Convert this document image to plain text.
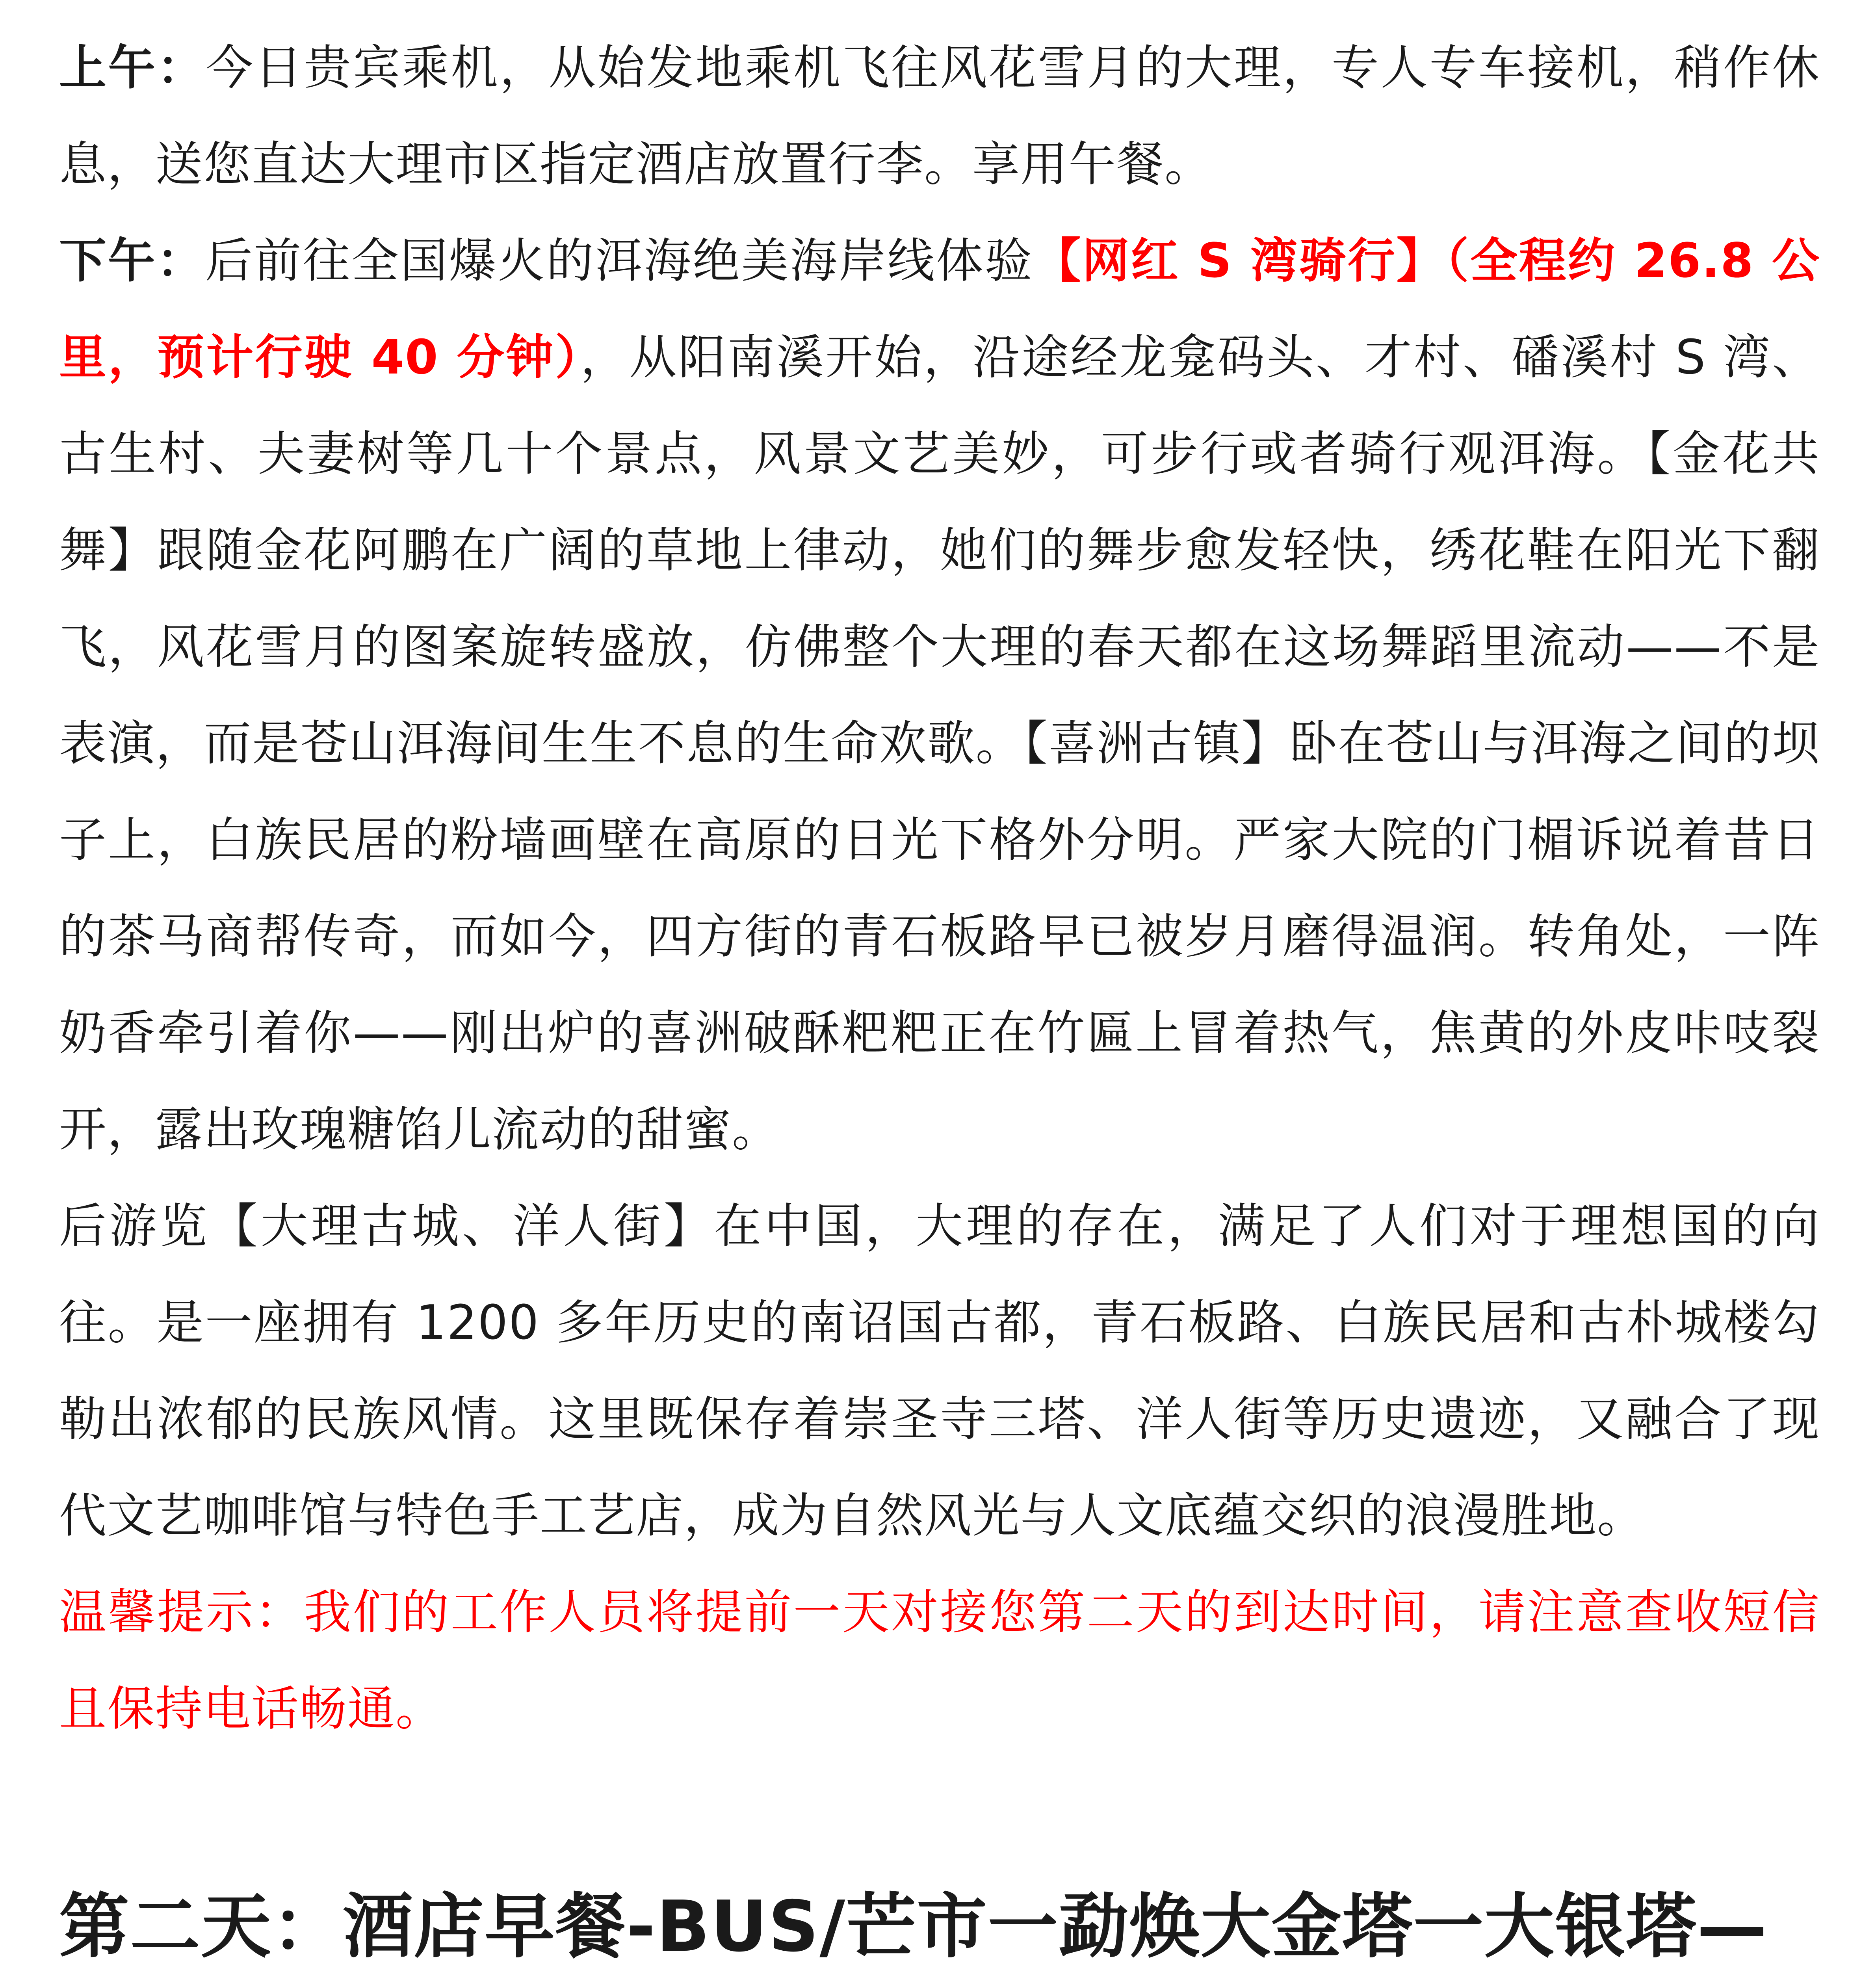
上午：今日贵宾乘机，从始发地乘机飞往风花雪月的大理，专人专车接机，稍作休息，送您直达大理市区指定酒店放置行李。享用午餐。

下午：后前往全国爆火的洱海绝美海岸线体验【网红 S 湾骑行】（全程约 26.8 公里，预计行驶 40 分钟），从阳南溪开始，沿途经龙龛码头、才村、磻溪村 S 湾、古生村、夫妻树等几十个景点，风景文艺美妙，可步行或者骑行观洱海。【金花共舞】跟随金花阿鹏在广阔的草地上律动，她们的舞步愈发轻快，绣花鞋在阳光下翻飞，风花雪月的图案旋转盛放，仿佛整个大理的春天都在这场舞蹈里流动——不是表演，而是苍山洱海间生生不息的生命欢歌。【喜洲古镇】卧在苍山与洱海之间的坝子上，白族民居的粉墙画壁在高原的日光下格外分明。严家大院的门楣诉说着昔日的茶马商帮传奇，而如今，四方街的青石板路早已被岁月磨得温润。转角处，一阵奶香牵引着你——刚出炉的喜洲破酥粑粑正在竹匾上冒着热气，焦黄的外皮咔吱裂开，露出玫瑰糖馅儿流动的甜蜜。

后游览【大理古城、洋人街】在中国，大理的存在，满足了人们对于理想国的向往。是一座拥有 1200 多年历史的南诏国古都，青石板路、白族民居和古朴城楼勾勒出浓郁的民族风情。这里既保存着崇圣寺三塔、洋人街等历史遗迹，又融合了现代文艺咖啡馆与特色手工艺店，成为自然风光与人文底蕴交织的浪漫胜地。

温馨提示：我们的工作人员将提前一天对接您第二天的到达时间，请注意查收短信且保持电话畅通。

第二天：酒店早餐-BUS/芒市一勐焕大金塔一大银塔—
